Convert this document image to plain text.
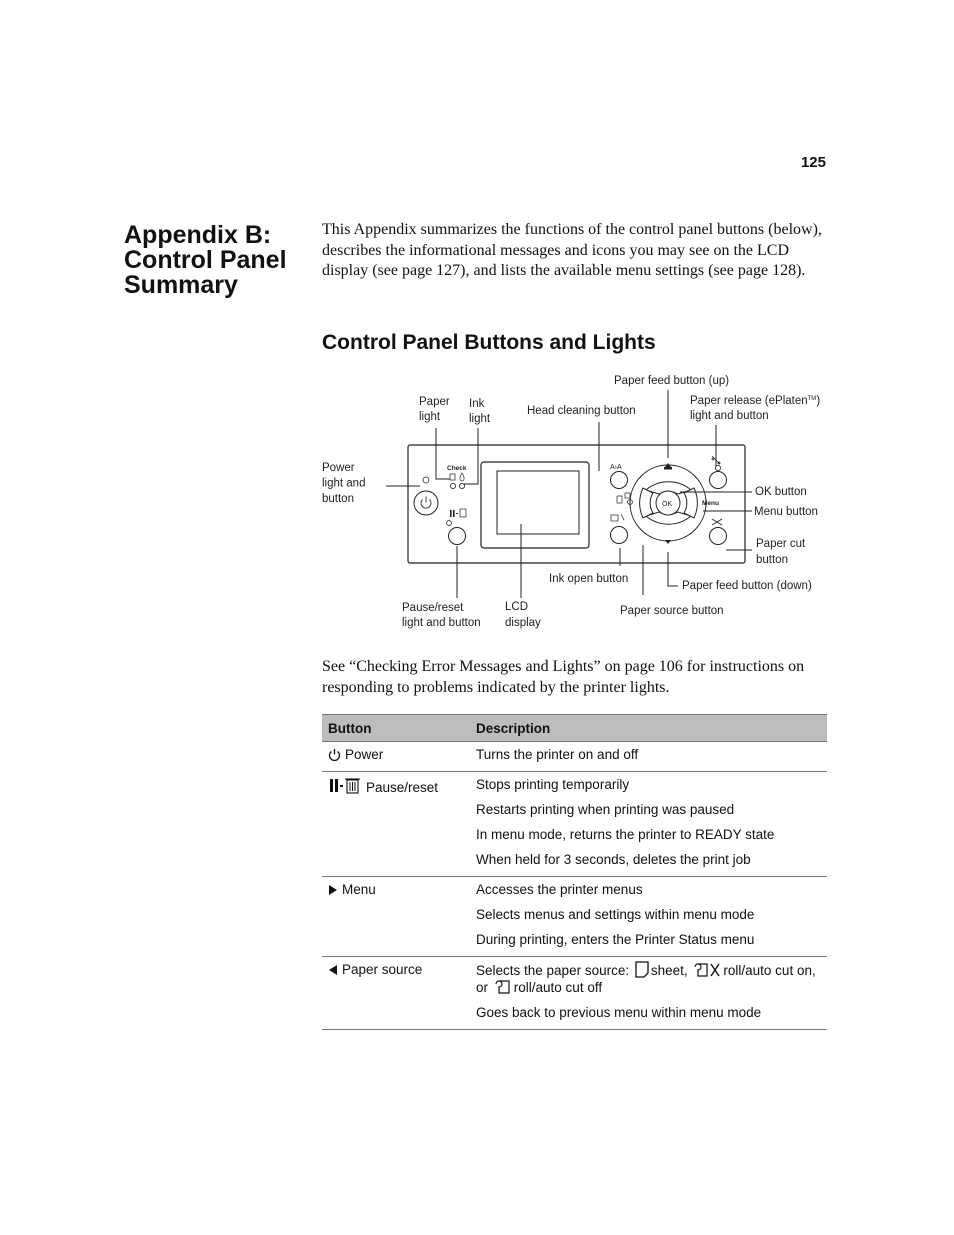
125
Appendix B:
Control Panel
Summary

This Appendix summarizes the functions of the control panel buttons (below), describes the informational messages and icons you may see on the LCD display (see page 127), and lists the available menu settings (see page 128).

Control Panel Buttons and Lights
Check	A›A
OK	Menu
Paper light
Ink light
Head cleaning button
Paper feed button (up)
Paper release (ePlaten™) light and button
Power light and button
OK button
Menu button
Paper cut button
Ink open button
Paper feed button (down)
Paper source button
Pause/reset light and button
LCD display

See “Checking Error Messages and Lights” on page 106 for instructions on responding to problems indicated by the printer lights.

Button	Description
Power	Turns the printer on and off

Pause/reset	Stops printing temporarily
Restarts printing when printing was paused
In menu mode, returns the printer to READY state
When held for 3 seconds, deletes the print job

Menu	Accesses the printer menus
Selects menus and settings within menu mode
During printing, enters the Printer Status menu

Paper source	Selects the paper source: sheet, roll/auto cut on, or roll/auto cut off
Goes back to previous menu within menu mode
